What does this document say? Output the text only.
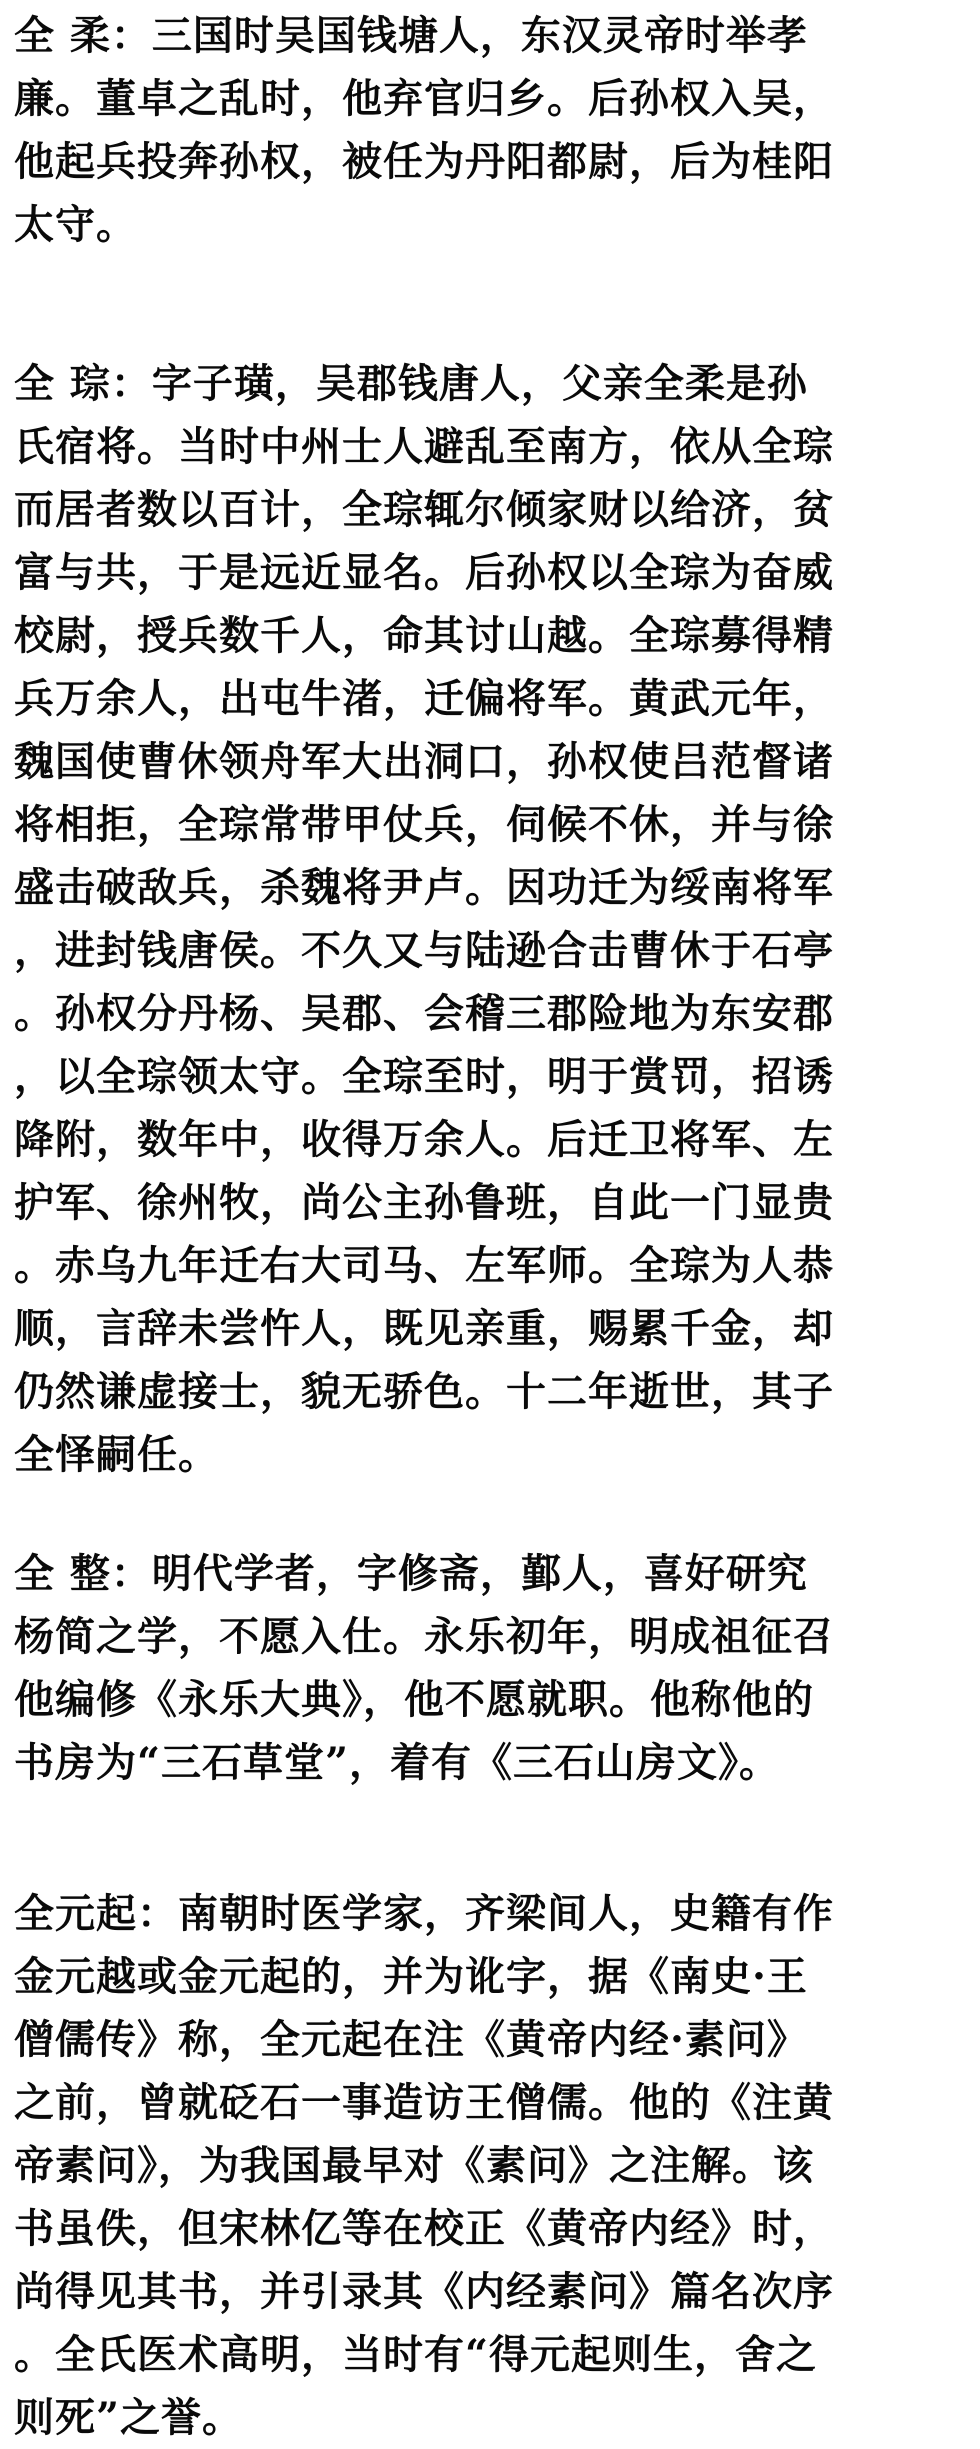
全 柔：三国时吴国钱塘人，东汉灵帝时举孝
廉。董卓之乱时，他弃官归乡。后孙权入吴，
他起兵投奔孙权，被任为丹阳都尉，后为桂阳
太守。
全 琮：字子璜，吴郡钱唐人，父亲全柔是孙
氏宿将。当时中州士人避乱至南方，依从全琮
而居者数以百计，全琮辄尔倾家财以给济，贫
富与共，于是远近显名。后孙权以全琮为奋威
校尉，授兵数千人，命其讨山越。全琮募得精
兵万余人，出屯牛渚，迁偏将军。黄武元年，
魏国使曹休领舟军大出洞口，孙权使吕范督诸
将相拒，全琮常带甲仗兵，伺候不休，并与徐
盛击破敌兵，杀魏将尹卢。因功迁为绥南将军
，进封钱唐侯。不久又与陆逊合击曹休于石亭
。孙权分丹杨、吴郡、会稽三郡险地为东安郡
，以全琮领太守。全琮至时，明于赏罚，招诱
降附，数年中，收得万余人。后迁卫将军、左
护军、徐州牧，尚公主孙鲁班，自此一门显贵
。赤乌九年迁右大司马、左军师。全琮为人恭
顺，言辞未尝忤人，既见亲重，赐累千金，却
仍然谦虚接士，貌无骄色。十二年逝世，其子
全怿嗣任。
全 整：明代学者，字修斋，鄞人，喜好研究
杨简之学，不愿入仕。永乐初年，明成祖征召
他编修《永乐大典》，他不愿就职。他称他的
书房为“三石草堂”，着有《三石山房文》。
全元起：南朝时医学家，齐梁间人，史籍有作
金元越或金元起的，并为讹字，据《南史·王
僧儒传》称，全元起在注《黄帝内经·素问》
之前，曾就砭石一事造访王僧儒。他的《注黄
帝素问》，为我国最早对《素问》之注解。该
书虽佚，但宋林亿等在校正《黄帝内经》时，
尚得见其书，并引录其《内经素问》篇名次序
。全氏医术高明，当时有“得元起则生，舍之
则死”之誉。
